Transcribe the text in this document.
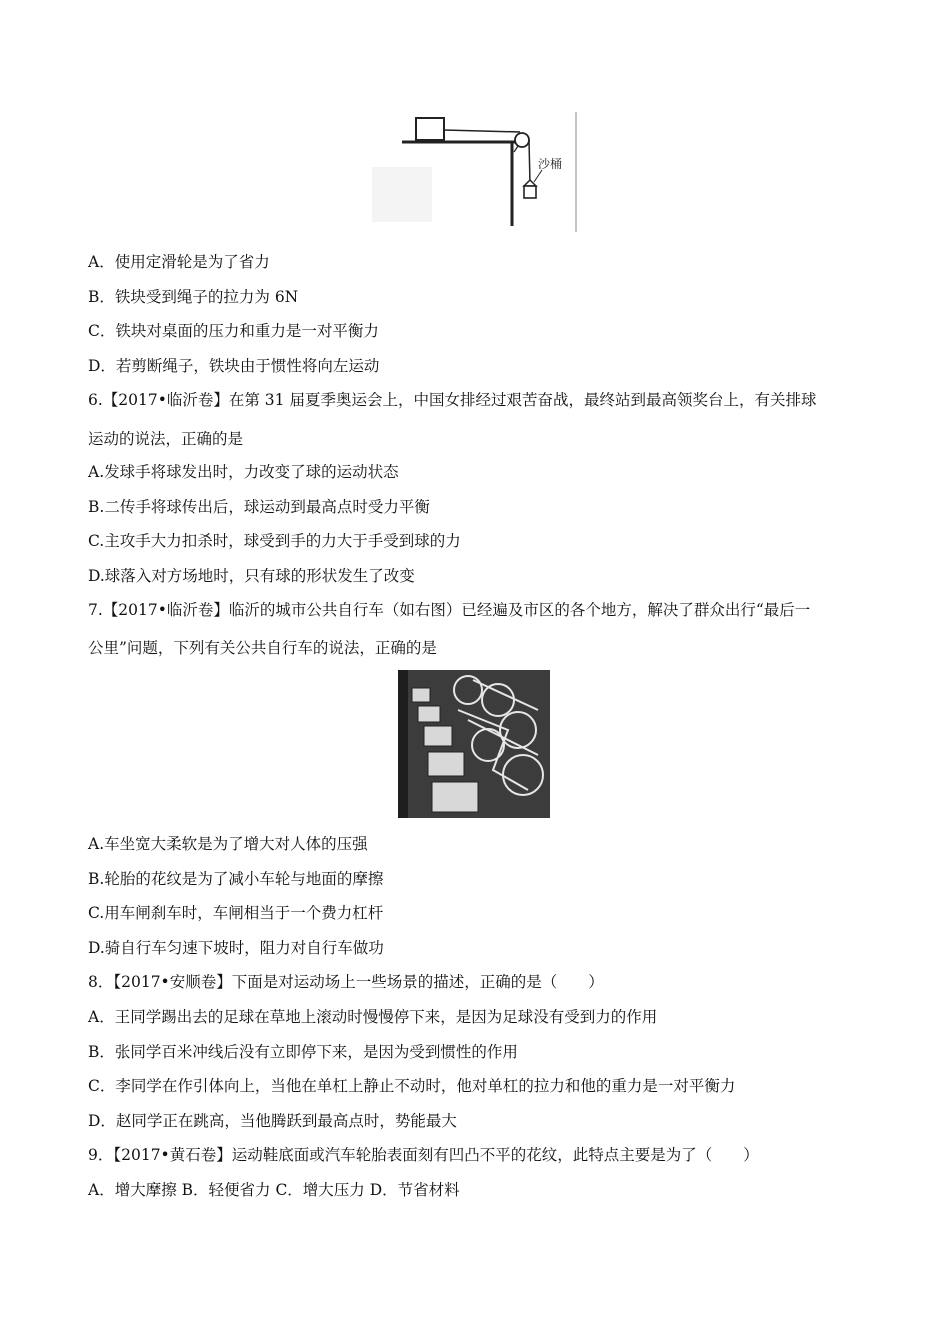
沙桶
A．使用定滑轮是为了省力
B．铁块受到绳子的拉力为 6N
C．铁块对桌面的压力和重力是一对平衡力
D．若剪断绳子，铁块由于惯性将向左运动
6.【2017•临沂卷】在第 31 届夏季奥运会上，中国女排经过艰苦奋战，最终站到最高领奖台上，有关排球
运动的说法，正确的是
A.发球手将球发出时，力改变了球的运动状态
B.二传手将球传出后，球运动到最高点时受力平衡
C.主攻手大力扣杀时，球受到手的力大于手受到球的力
D.球落入对方场地时，只有球的形状发生了改变
7.【2017•临沂卷】临沂的城市公共自行车（如右图）已经遍及市区的各个地方，解决了群众出行“最后一
公里”问题，下列有关公共自行车的说法，正确的是
A.车坐宽大柔软是为了增大对人体的压强
B.轮胎的花纹是为了减小车轮与地面的摩擦
C.用车闸刹车时，车闸相当于一个费力杠杆
D.骑自行车匀速下坡时，阻力对自行车做功
8．【2017•安顺卷】下面是对运动场上一些场景的描述，正确的是（　　）
A．王同学踢出去的足球在草地上滚动时慢慢停下来，是因为足球没有受到力的作用
B．张同学百米冲线后没有立即停下来，是因为受到惯性的作用
C．李同学在作引体向上，当他在单杠上静止不动时，他对单杠的拉力和他的重力是一对平衡力
D．赵同学正在跳高，当他腾跃到最高点时，势能最大
9．【2017•黄石卷】运动鞋底面或汽车轮胎表面刻有凹凸不平的花纹，此特点主要是为了（　　）
A．增大摩擦 B．轻便省力 C．增大压力 D．节省材料
